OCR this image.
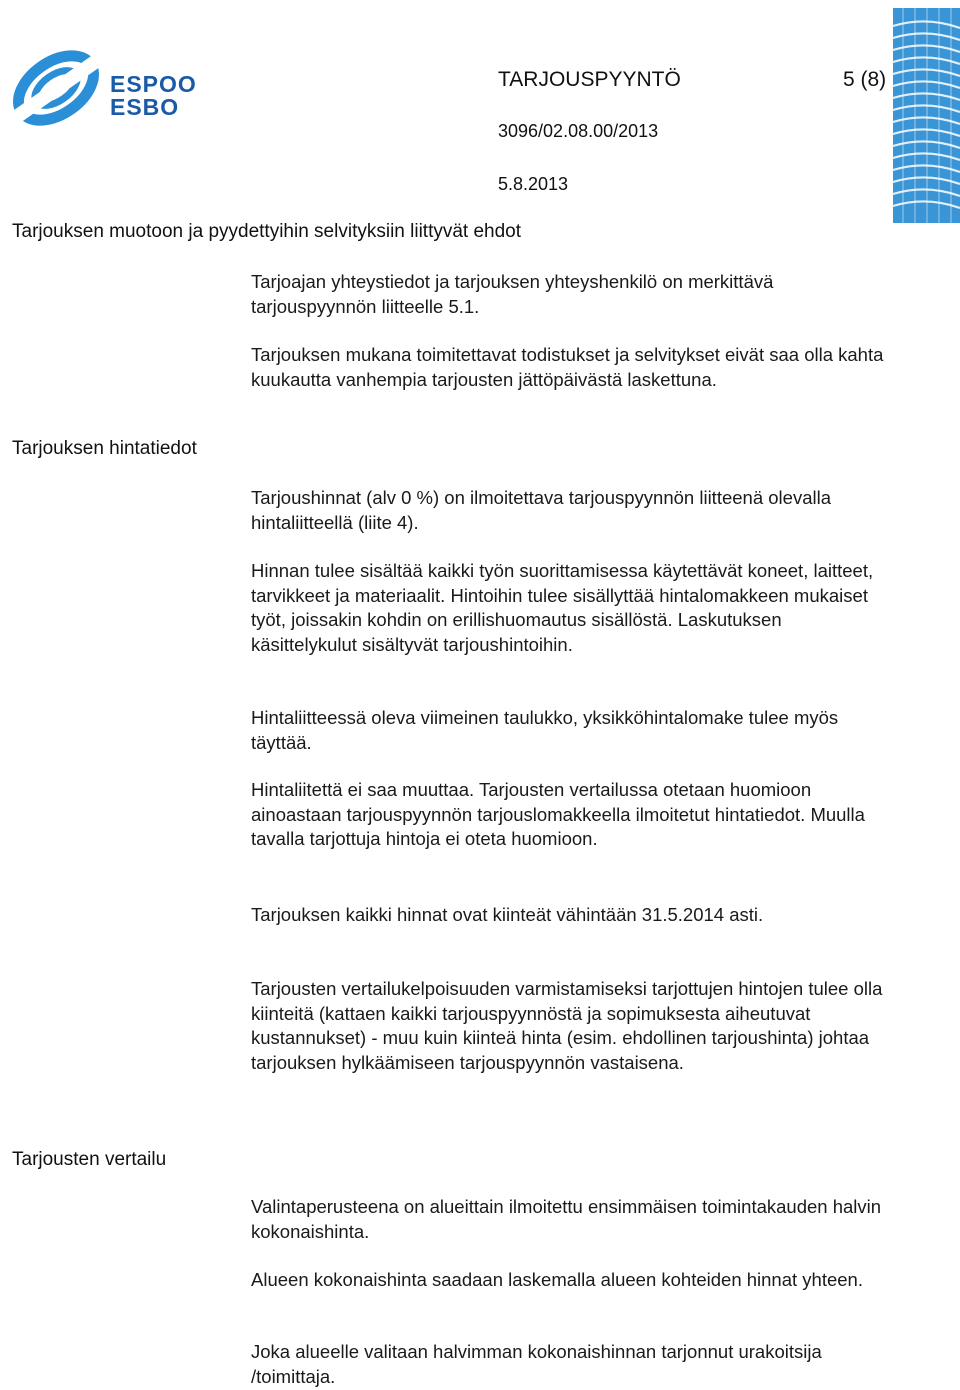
ESPOO
ESBO
TARJOUSPYYNTÖ	5 (8)
3096/02.08.00/2013
5.8.2013
Tarjouksen muotoon ja pyydettyihin selvityksiin liittyvät ehdot

Tarjoajan yhteystiedot ja tarjouksen yhteyshenkilö on merkittävä tarjouspyynnön liitteelle 5.1.

Tarjouksen mukana toimitettavat todistukset ja selvitykset eivät saa olla kahta kuukautta vanhempia tarjousten jättöpäivästä laskettuna.

Tarjouksen hintatiedot

Tarjoushinnat (alv 0 %) on ilmoitettava tarjouspyynnön liitteenä olevalla hintaliitteellä (liite 4).

Hinnan tulee sisältää kaikki työn suorittamisessa käytettävät koneet, laitteet, tarvikkeet ja materiaalit. Hintoihin tulee sisällyttää hintalomakkeen mukaiset työt, joissakin kohdin on erillishuomautus sisällöstä. Laskutuksen käsittelykulut sisältyvät tarjoushintoihin.

Hintaliitteessä oleva viimeinen taulukko, yksikköhintalomake tulee myös täyttää.

Hintaliitettä ei saa muuttaa. Tarjousten vertailussa otetaan huomioon ainoastaan tarjouspyynnön tarjouslomakkeella ilmoitetut hintatiedot. Muulla tavalla tarjottuja hintoja ei oteta huomioon.

Tarjouksen kaikki hinnat ovat kiinteät vähintään 31.5.2014 asti.

Tarjousten vertailukelpoisuuden varmistamiseksi tarjottujen hintojen tulee olla kiinteitä (kattaen kaikki tarjouspyynnöstä ja sopimuksesta aiheutuvat kustannukset) - muu kuin kiinteä hinta (esim. ehdollinen tarjoushinta) johtaa tarjouksen hylkäämiseen tarjouspyynnön vastaisena.

Tarjousten vertailu

Valintaperusteena on alueittain ilmoitettu ensimmäisen toimintakauden halvin kokonaishinta.

Alueen kokonaishinta saadaan laskemalla alueen kohteiden hinnat yhteen.

Joka alueelle valitaan halvimman kokonaishinnan tarjonnut urakoitsija /toimittaja.
